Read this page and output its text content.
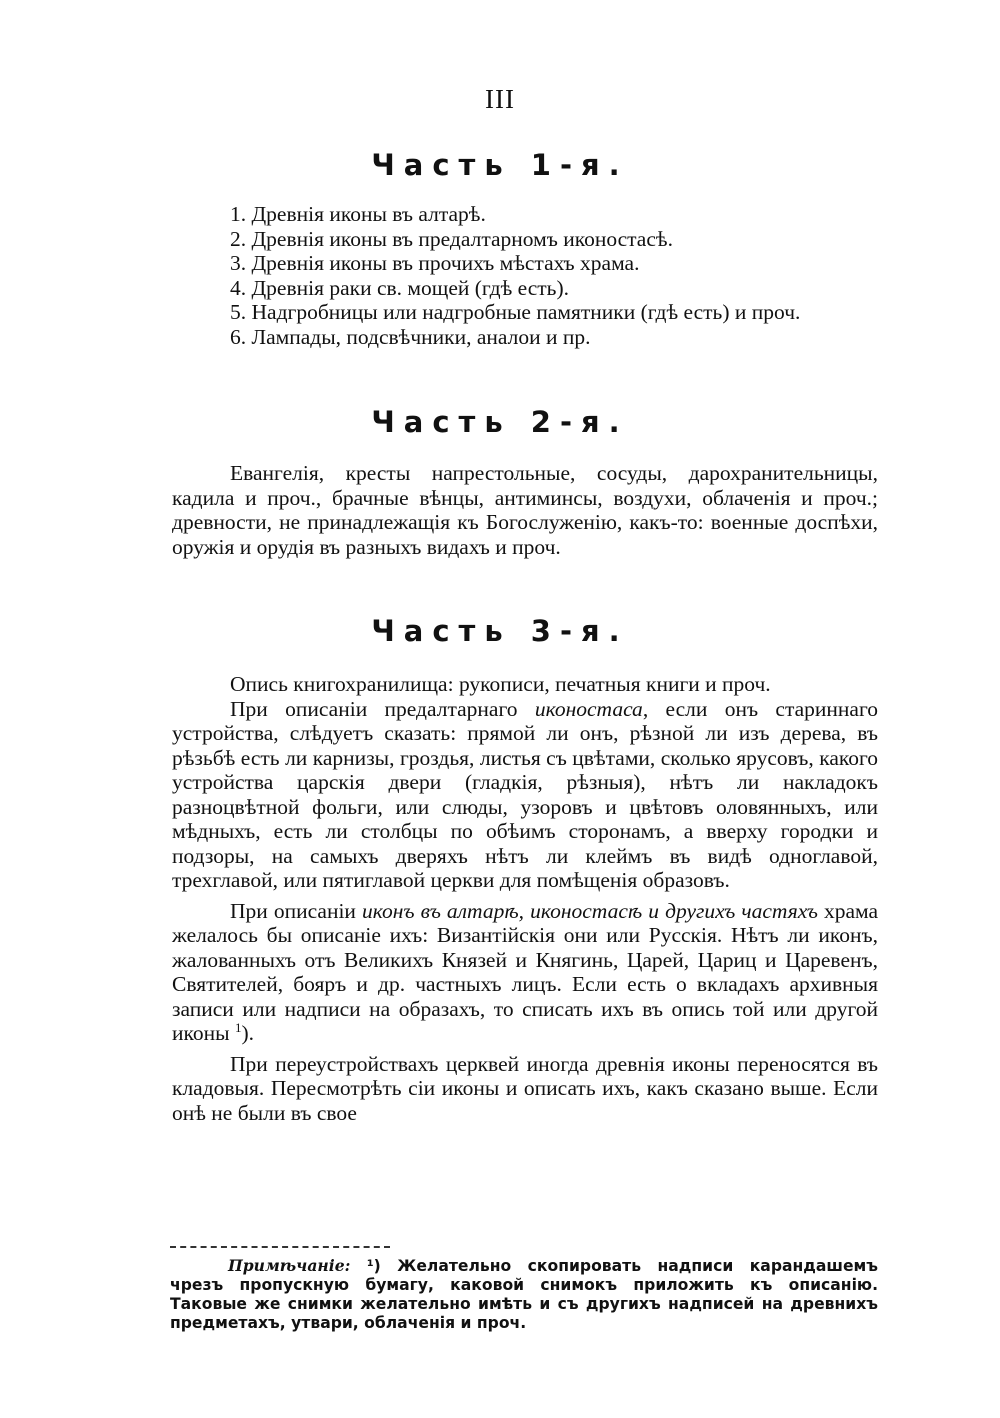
III
Часть 1-я.
1. Древнія иконы въ алтарѣ.
2. Древнія иконы въ предалтарномъ иконостасѣ.
3. Древнія иконы въ прочихъ мѣстахъ храма.
4. Древнія раки св. мощей (гдѣ есть).
5. Надгробницы или надгробные памятники (гдѣ есть) и проч.
6. Лампады, подсвѣчники, аналои и пр.
Часть 2-я.

Евангелія, кресты напрестольные, сосуды, дарохранительницы, кадила и проч., брачные вѣнцы, антиминсы, воздухи, облаченія и проч.; древности, не принадлежащія къ Богослуженію, какъ-то: военные доспѣхи, оружія и орудія въ разныхъ видахъ и проч.

Часть 3-я.

Опись книгохранилища: рукописи, печатныя книги и проч.

При описаніи предалтарнаго иконостаса, если онъ стариннаго устройства, слѣдуетъ сказать: прямой ли онъ, рѣзной ли изъ дерева, въ рѣзьбѣ есть ли карнизы, гроздья, листья съ цвѣтами, сколько ярусовъ, какого устройства царскія двери (гладкія, рѣзныя), нѣтъ ли накладокъ разноцвѣтной фольги, или слюды, узоровъ и цвѣтовъ оловянныхъ, или мѣдныхъ, есть ли столбцы по обѣимъ сторонамъ, а вверху городки и подзоры, на самыхъ дверяхъ нѣтъ ли клеймъ въ видѣ одноглавой, трехглавой, или пятиглавой церкви для помѣщенія образовъ.

При описаніи иконъ въ алтарѣ, иконостасѣ и другихъ частяхъ храма желалось бы описаніе ихъ: Византійскія они или Русскія. Нѣтъ ли иконъ, жалованныхъ отъ Великихъ Князей и Княгинь, Царей, Цариц и Царевенъ, Святителей, бояръ и др. частныхъ лицъ. Если есть о вкладахъ архивныя записи или надписи на образахъ, то списать ихъ въ опись той или другой иконы $^1$).

При переустройствахъ церквей иногда древнія иконы переносятся въ кладовыя. Пересмотрѣть сіи иконы и описать ихъ, какъ сказано выше. Если онѣ не были въ свое

Примѣчаніе: ¹) Желательно скопировать надписи карандашемъ чрезъ пропускную бумагу, каковой снимокъ приложить къ описанію. Таковые же снимки желательно имѣть и съ другихъ надписей на древнихъ предметахъ, утвари, облаченія и проч.
